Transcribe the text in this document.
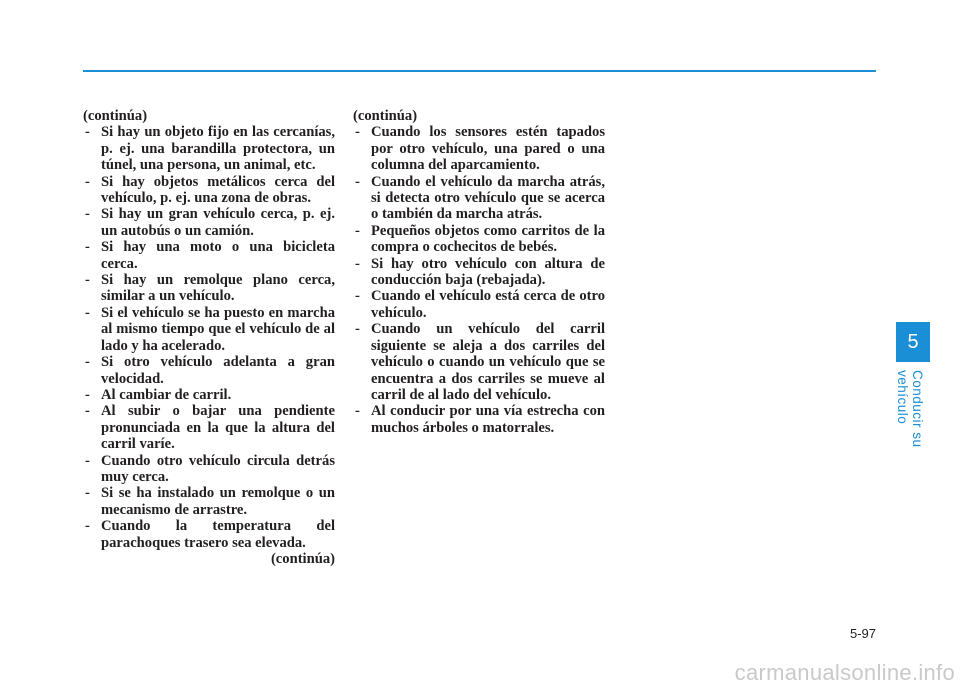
(continúa)

- Si hay un objeto fijo en las cercanías, p. ej. una barandilla protectora, un túnel, una persona, un animal, etc.
- Si hay objetos metálicos cerca del vehículo, p. ej. una zona de obras.
- Si hay un gran vehículo cerca, p. ej. un autobús o un camión.
- Si hay una moto o una bicicleta cerca.
- Si hay un remolque plano cerca, similar a un vehículo.
- Si el vehículo se ha puesto en marcha al mismo tiempo que el vehículo de al lado y ha acelerado.
- Si otro vehículo adelanta a gran velocidad.
- Al cambiar de carril.
- Al subir o bajar una pendiente pronunciada en la que la altura del carril varíe.
- Cuando otro vehículo circula detrás muy cerca.
- Si se ha instalado un remolque o un mecanismo de arrastre.
- Cuando la temperatura del parachoques trasero sea elevada.

(continúa)

(continúa)

- Cuando los sensores estén tapados por otro vehículo, una pared o una columna del aparcamiento.
- Cuando el vehículo da marcha atrás, si detecta otro vehículo que se acerca o también da marcha atrás.
- Pequeños objetos como carritos de la compra o cochecitos de bebés.
- Si hay otro vehículo con altura de conducción baja (rebajada).
- Cuando el vehículo está cerca de otro vehículo.
- Cuando un vehículo del carril siguiente se aleja a dos carriles del vehículo o cuando un vehículo que se encuentra a dos carriles se mueve al carril de al lado del vehículo.
- Al conducir por una vía estrecha con muchos árboles o matorrales.
5
Conducir su vehículo
5-97
carmanualsonline.info
